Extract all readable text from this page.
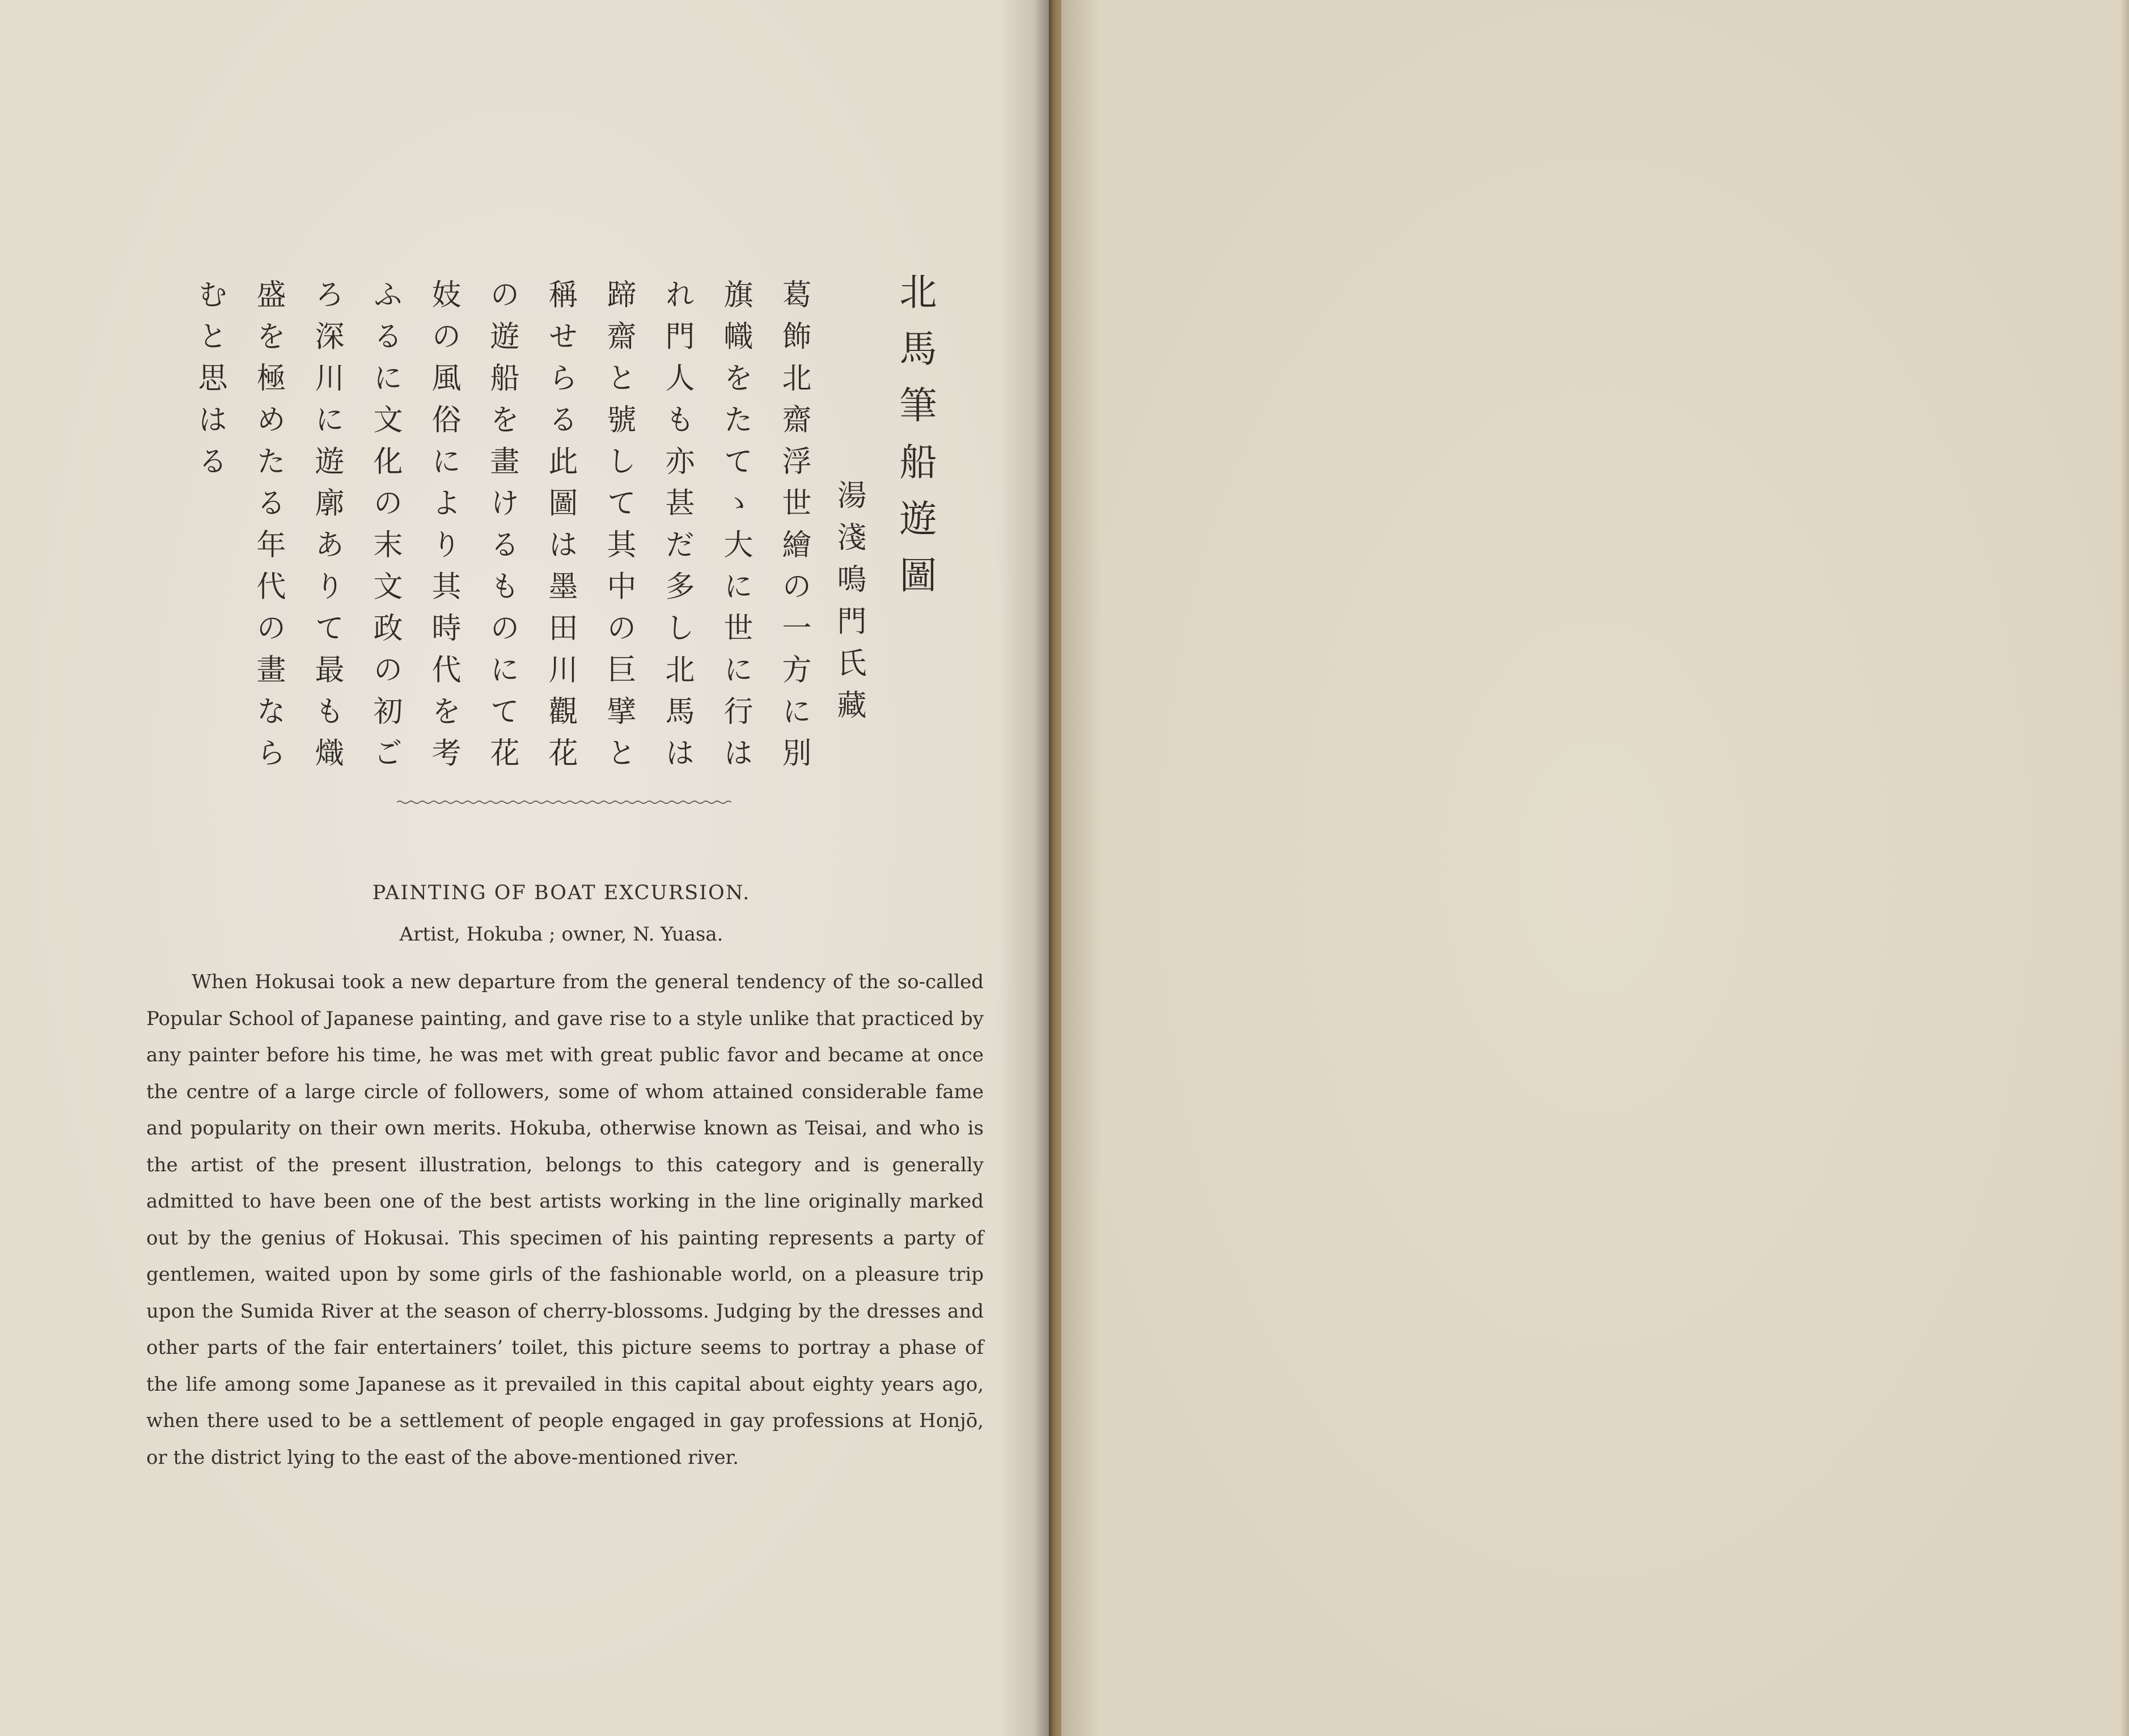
北馬筆船遊圖
湯淺鳴門氏藏
葛飾北齋浮世繪の一方に別
旗幟をたてゝ大に世に行は
れ門人も亦甚だ多し北馬は
蹄齋と號して其中の巨擘と
稱せらる此圖は墨田川觀花
の遊船を畫けるものにて花
妓の風俗により其時代を考
ふるに文化の末文政の初ご
ろ深川に遊廓ありて最も熾
盛を極めたる年代の畫なら
むと思はる
PAINTING OF BOAT EXCURSION.

Artist, Hokuba ; owner, N. Yuasa.

When Hokusai took a new departure from the general tendency of the so-called Popular School of Japanese painting, and gave rise to a style unlike that practiced by any painter before his time, he was met with great public favor and became at once the centre of a large circle of followers, some of whom attained considerable fame and popularity on their own merits. Hokuba, otherwise known as Teisai, and who is the artist of the present illustration, belongs to this category and is generally admitted to have been one of the best artists working in the line originally marked out by the genius of Hokusai. This specimen of his painting represents a party of gentlemen, waited upon by some girls of the fashionable world, on a pleasure trip upon the Sumida River at the season of cherry-blossoms. Judging by the dresses and other parts of the fair entertainers’ toilet, this picture seems to portray a phase of the life among some Japanese as it prevailed in this capital about eighty years ago, when there used to be a settlement of people engaged in gay professions at Honjō, or the district lying to the east of the above-mentioned river.
